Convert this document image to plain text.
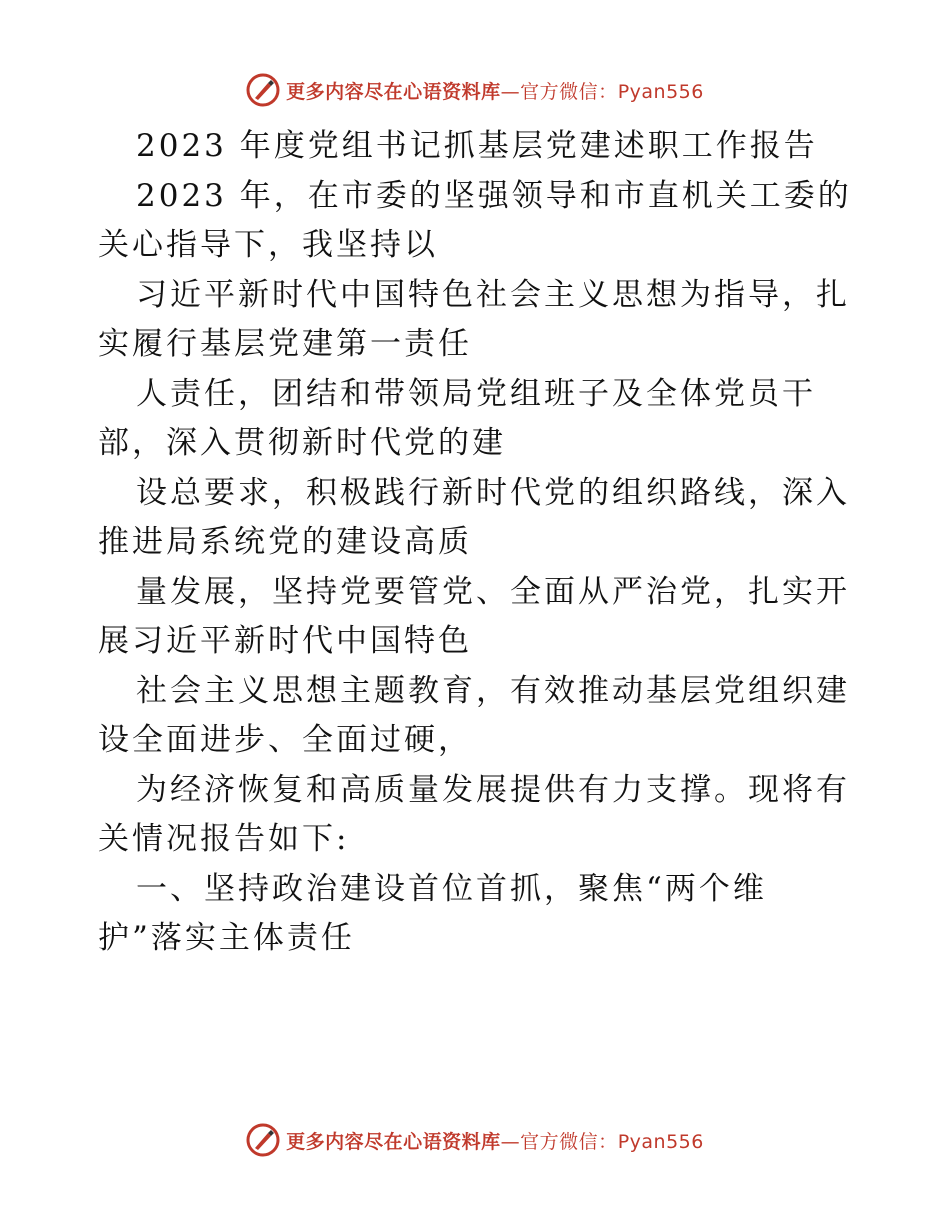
更多内容尽在心语资料库—官方微信：Pyan556
2023 年度党组书记抓基层党建述职工作报告
2023 年，在市委的坚强领导和市直机关工委的
关心指导下，我坚持以
习近平新时代中国特色社会主义思想为指导，扎
实履行基层党建第一责任
人责任，团结和带领局党组班子及全体党员干
部，深入贯彻新时代党的建
设总要求，积极践行新时代党的组织路线，深入
推进局系统党的建设高质
量发展，坚持党要管党、全面从严治党，扎实开
展习近平新时代中国特色
社会主义思想主题教育，有效推动基层党组织建
设全面进步、全面过硬，
为经济恢复和高质量发展提供有力支撑。现将有
关情况报告如下:
一、坚持政治建设首位首抓，聚焦“两个维
护”落实主体责任
更多内容尽在心语资料库—官方微信：Pyan556
